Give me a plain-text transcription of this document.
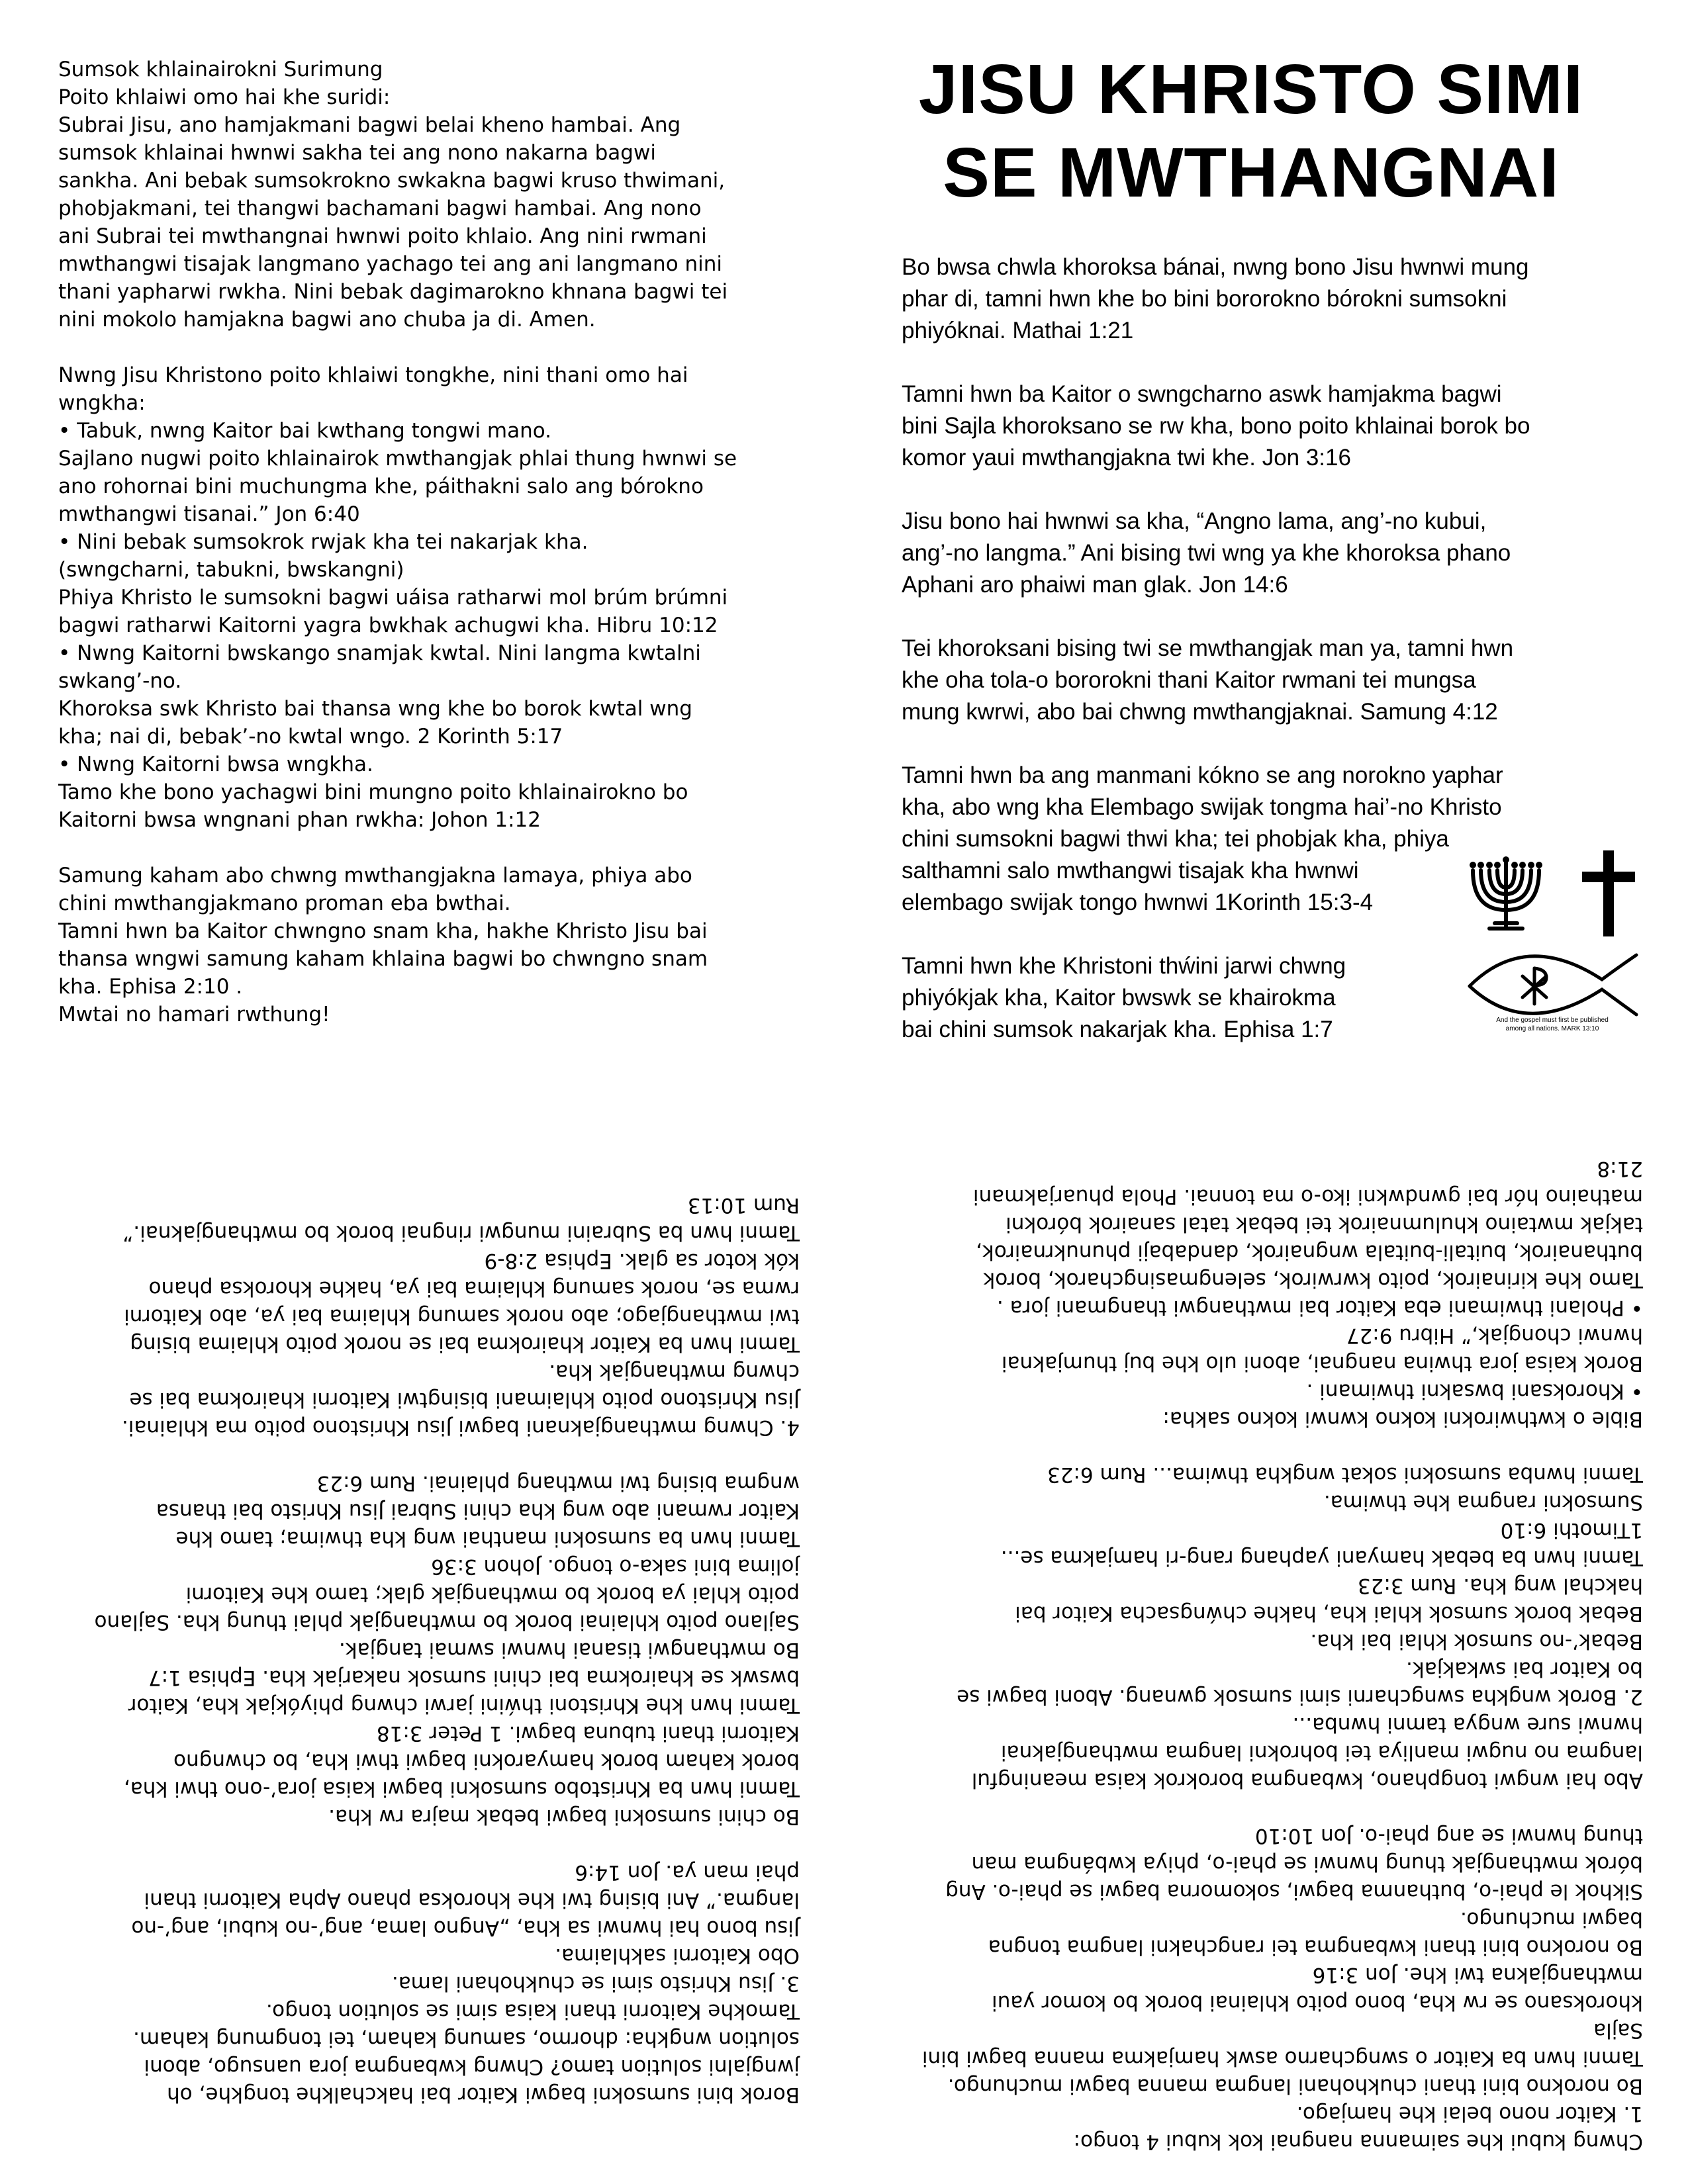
Sumsok khlainairokni Surimung
Poito khlaiwi omo hai khe suridi:
Subrai Jisu, ano hamjakmani bagwi belai kheno hambai. Ang
sumsok khlainai hwnwi sakha tei ang nono nakarna bagwi
sankha. Ani bebak sumsokrokno swkakna bagwi kruso thwimani,
phobjakmani, tei thangwi bachamani bagwi hambai. Ang nono
ani Subrai tei mwthangnai hwnwi poito khlaio. Ang nini rwmani
mwthangwi tisajak langmano yachago tei ang ani langmano nini
thani yapharwi rwkha. Nini bebak dagimarokno khnana bagwi tei
nini mokolo hamjakna bagwi ano chuba ja di. Amen.

Nwng Jisu Khristono poito khlaiwi tongkhe, nini thani omo hai
wngkha:
• Tabuk, nwng Kaitor bai kwthang tongwi mano.
Sajlano nugwi poito khlainairok mwthangjak phlai thung hwnwi se
ano rohornai bini muchungma khe, páithakni salo ang bórokno
mwthangwi tisanai.” Jon 6:40
• Nini bebak sumsokrok rwjak kha tei nakarjak kha.
(swngcharni, tabukni, bwskangni)
Phiya Khristo le sumsokni bagwi uáisa ratharwi mol brúm brúmni
bagwi ratharwi Kaitorni yagra bwkhak achugwi kha. Hibru 10:12
• Nwng Kaitorni bwskango snamjak kwtal. Nini langma kwtalni
swkang’-no.
Khoroksa swk Khristo bai thansa wng khe bo borok kwtal wng
kha; nai di, bebak’-no kwtal wngo. 2 Korinth 5:17
• Nwng Kaitorni bwsa wngkha.
Tamo khe bono yachagwi bini mungno poito khlainairokno bo
Kaitorni bwsa wngnani phan rwkha: Johon 1:12

Samung kaham abo chwng mwthangjakna lamaya, phiya abo
chini mwthangjakmano proman eba bwthai.
Tamni hwn ba Kaitor chwngno snam kha, hakhe Khristo Jisu bai
thansa wngwi samung kaham khlaina bagwi bo chwngno snam
kha. Ephisa 2:10 .
Mwtai no hamari rwthung!

JISU KHRISTO SIMI
SE MWTHANGNAI

Bo bwsa chwla khoroksa bánai, nwng bono Jisu hwnwi mung
phar di, tamni hwn khe bo bini bororokno bórokni sumsokni
phiyóknai. Mathai 1:21

Tamni hwn ba Kaitor o swngcharno aswk hamjakma bagwi
bini Sajla khoroksano se rw kha, bono poito khlainai borok bo
komor yaui mwthangjakna twi khe. Jon 3:16

Jisu bono hai hwnwi sa kha, “Angno lama, ang’-no kubui,
ang’-no langma.” Ani bising twi wng ya khe khoroksa phano
Aphani aro phaiwi man glak. Jon 14:6

Tei khoroksani bising twi se mwthangjak man ya, tamni hwn
khe oha tola-o bororokni thani Kaitor rwmani tei mungsa
mung kwrwi, abo bai chwng mwthangjaknai. Samung 4:12

Tamni hwn ba ang manmani kókno se ang norokno yaphar
kha, abo wng kha Elembago swijak tongma hai’-no Khristo
chini sumsokni bagwi thwi kha; tei phobjak kha, phiya
salthamni salo mwthangwi tisajak kha hwnwi
elembago swijak tongo hwnwi 1Korinth 15:3-4

Tamni hwn khe Khristoni thẃini jarwi chwng
phiyókjak kha, Kaitor bwswk se khairokma
bai chini sumsok nakarjak kha. Ephisa 1:7	And the gospel must first be published
among all nations. MARK 13:10

Chwng kubui khe saimanna nangnai kok kubui 4 tongo:
1. Kaitor nono belai khe hamjago.
Bo norokno bini thani chukhohani langma manna bagwi muchungo.
Tamni hwn ba Kaitor o swngcharno aswk hamjakma manna bagwi bini Sajla
khoroksano se rw kha, bono poito khlainai borok bo komor yaui
mwthangjakna twi khe. Jon 3:16
Bo norokno bini thani kwbangma tei rangchakni langma tongna
bagwi muchungo.
Sikhok le phai-o, buthanma bagwi, sokomorna bagwi se phai-o. Ang
bórok mwthangjak thung hwnwi se phai-o, phiya kwbángma man
thung hwnwi se ang phai-o. Jon 10:10

Abo hai wngwi tongphano, kwbangma borokrok kaisa meaningful
langma no nugwi manliya tei bohrokni langma mwthangjaknai
hwnwi sure wngya tamni hwnba...
2. Borok wngkha swngcharni simi sumsok gwnang. Aboni bagwi se
bo Kaitor bai swkakjak.
Bebak’-no sumsok khlai bai kha.
Bebak borok sumsok khlai kha, hakhe chẃngsacha Kaitor bai
hakchal wng kha. Rum 3:23
Tamni hwn ba bebak hamyani yaphang rang-ri hamjakma se...
1Timothi 6:10
Sumsokni rangma khe thwima.
Tamni hwnba sumsokni sokat wngkha thwima... Rum 6:23

Bible o kwthwirokni kokno kwnwi kokno sakha:
• Khoroksani bwsakni thwimani .
Borok kaisa jora thwina nangnai, aboni ulo khe buj thumjaknai
hwnwi chongjak,” Hibru 9:27
• Pholani thwimani eba Kaitor bai mwthangwi thangmani jora .
Tamo khe kirinairok, poito kwrwirok, selengmasingcharok, borok
buthanairok, buitali-buitala wngnairok, dandabaji phunukrnairok,
takjak mwtaino khulumnairok tei bebak tatal sanairok bórokni
mathaino hór bai gwndwkni iko-o ma tonnai. Phola phuarjakmani
21:8

Borok bini sumsokni bagwi Kaitor bai hakchalkhe tongkhe, oh
jwngjalni solution tamo? Chwng kwbangma jora uansugo, aboni
solution wngkha: dhormo, samung kaham, tei tongmung kaham.
Tamokhe Kaitorni thani kaisa simi se solution tongo.
3. Jisu Khristo simi se chukhohani lama.
Obo Kaitorni sakhlaima.
Jisu bono hai hwnwi sa kha, „Angno lama, ang’-no kubui, ang’-no
langma.” Ani bising twi khe khoroksa phano Apha Kaitorni thani
phai man ya. Jon 14:6

Bo chini sumsokni bagwi bebak majra rw kha.
Tamni hwn ba Khristobo sumsokni bagwi kaisa jora’-ono thwi kha,
borok kaham borok hamyarokni bagwi thwi kha, bo chwngno
Kaitorni thani tubuna bagwi. 1 Peter 3:18
Tamni hwn khe Khristoni thẃini jarwi chwng phiyókjak kha, Kaitor
bwswk se khairokma bai chini sumsok nakarjak kha. Ephisa 1:7
Bo mwthangwi tisanai hwnwi swmai tangjak.
Sajlano poito khlainai borok bo mwthangjak phlai thung kha. Sajlano
poito khlai ya borok bo mwthangjak glak; tamo khe Kaitorni
jolima bini saka-o tongo. Johon 3:36
Tamni hwn ba sumsokni manthai wng kha thwima; tamo khe
Kaitor rwmani abo wng kha chini Subrai Jisu Khristo bai thansa
wngma bising twi mwthang phlainai. Rum 6:23

4. Chwng mwthangjaknani bagwi Jisu Khristono poito ma khlainai.
Jisu Khristono poito khlaimani bisingtwi Kaitorni khairokma bai se
chwng mwthangjak kha.
Tamni hwn ba Kaitor khairokma bai se norok poito khlaima bising
twi mwthangjago; abo norok samung khlaima bai ya, abo Kaitorni
rwma se, norok samung khlaima bai ya, hakhe khoroksa phano
kók kotor sa glak. Ephisa 2:8-9
Tamni hwn ba Subraini mungwi ringnai borok bo mwthangjaknai.”
Rum 10:13
